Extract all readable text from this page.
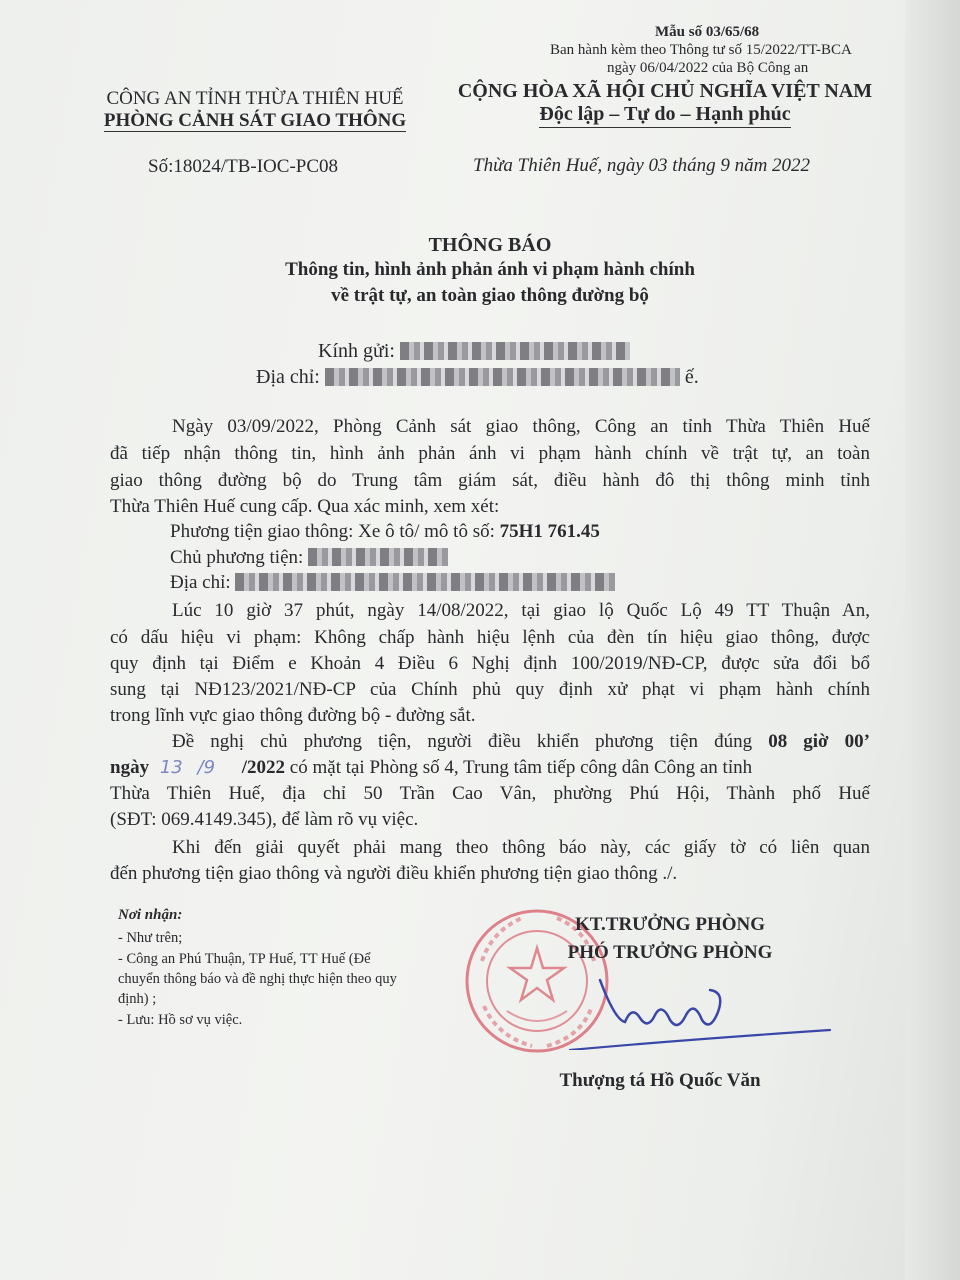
Mẫu số 03/65/68
Ban hành kèm theo Thông tư số 15/2022/TT-BCA
ngày 06/04/2022 của Bộ Công an
CÔNG AN TỈNH THỪA THIÊN HUẾ
PHÒNG CẢNH SÁT GIAO THÔNG
CỘNG HÒA XÃ HỘI CHỦ NGHĨA VIỆT NAM
Độc lập – Tự do – Hạnh phúc
Số:18024/TB-IOC-PC08	Thừa Thiên Huế, ngày 03 tháng 9 năm 2022
THÔNG BÁO
Thông tin, hình ảnh phản ánh vi phạm hành chính
về trật tự, an toàn giao thông đường bộ
Kính gửi:
Địa chỉ:	ế.
Ngày 03/09/2022, Phòng Cảnh sát giao thông, Công an tỉnh Thừa Thiên Huế
đã tiếp nhận thông tin, hình ảnh phản ánh vi phạm hành chính về trật tự, an toàn
giao thông đường bộ do Trung tâm giám sát, điều hành đô thị thông minh tỉnh
Thừa Thiên Huế cung cấp. Qua xác minh, xem xét:
Phương tiện giao thông: Xe ô tô/ mô tô số: 75H1 761.45
Chủ phương tiện:
Địa chỉ:
Lúc 10 giờ 37 phút, ngày 14/08/2022, tại giao lộ Quốc Lộ 49 TT Thuận An,
có dấu hiệu vi phạm: Không chấp hành hiệu lệnh của đèn tín hiệu giao thông, được
quy định tại Điểm e Khoản 4 Điều 6 Nghị định 100/2019/NĐ-CP, được sửa đổi bổ
sung tại NĐ123/2021/NĐ-CP của Chính phủ quy định xử phạt vi phạm hành chính
trong lĩnh vực giao thông đường bộ - đường sắt.
Đề nghị chủ phương tiện, người điều khiển phương tiện đúng 08 giờ 00’
ngày 13 /9 /2022 có mặt tại Phòng số 4, Trung tâm tiếp công dân Công an tỉnh
Thừa Thiên Huế, địa chỉ 50 Trần Cao Vân, phường Phú Hội, Thành phố Huế
(SĐT: 069.4149.345), để làm rõ vụ việc.
Khi đến giải quyết phải mang theo thông báo này, các giấy tờ có liên quan
đến phương tiện giao thông và người điều khiển phương tiện giao thông ./.
Nơi nhận:
- Như trên;
- Công an Phú Thuận, TP Huế, TT Huế (Để
chuyển thông báo và đề nghị thực hiện theo quy
định) ;
- Lưu: Hồ sơ vụ việc.
KT.TRƯỞNG PHÒNG
PHÓ TRƯỞNG PHÒNG
Thượng tá Hồ Quốc Văn
